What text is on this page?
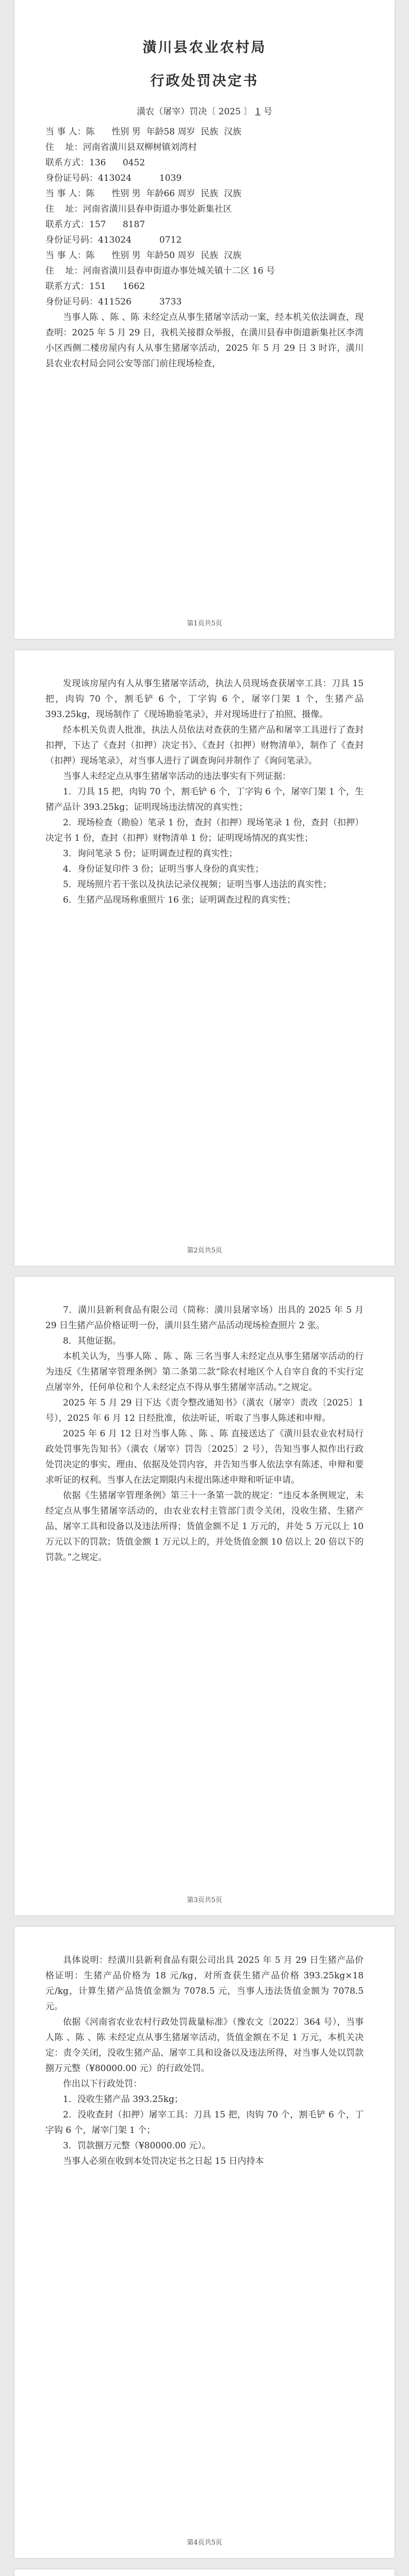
潢川县农业农村局
行政处罚决定书
潢农（屠宰）罚决〔 2025 〕 1 号

当 事 人：陈      性别 男  年龄58 周岁  民族  汉族

住    址：河南省潢川县双柳树镇刘湾村

联系方式：136      0452

身份证号码：413024          1039

当 事 人：陈      性别 男  年龄66 周岁  民族  汉族

住    址：河南省潢川县春申街道办事处新集社区

联系方式：157      8187

身份证号码：413024          0712

当 事 人：陈      性别 男  年龄50 周岁  民族  汉族

住    址：河南省潢川县春申街道办事处城关镇十二区 16 号

联系方式：151      1662

身份证号码：411526          3733

当事人陈 、陈 、陈 未经定点从事生猪屠宰活动一案，经本机关依法调查，现查明：2025 年 5 月 29 日，我机关接群众举报，在潢川县春申街道新集社区李湾小区西侧二楼房屋内有人从事生猪屠宰活动，2025 年 5 月 29 日 3 时许，潢川县农业农村局会同公安等部门前往现场检查，

第1页共5页

发现该房屋内有人从事生猪屠宰活动，执法人员现场查获屠宰工具：刀具 15 把，肉钩 70 个，割毛铲 6 个，丁字钩 6 个，屠宰门架 1 个，生猪产品 393.25kg，现场制作了《现场勘验笔录》，并对现场进行了拍照、摄像。

经本机关负责人批准，执法人员依法对查获的生猪产品和屠宰工具进行了查封扣押，下达了《查封（扣押）决定书》、《查封（扣押）财物清单》，制作了《查封（扣押）现场笔录》，对当事人进行了调查询问并制作了《询问笔录》。

当事人未经定点从事生猪屠宰活动的违法事实有下列证据：

1．刀具 15 把，肉钩 70 个，割毛铲 6 个，丁字钩 6 个，屠宰门架 1 个，生猪产品计 393.25kg；证明现场违法情况的真实性；

2．现场检查（勘验）笔录 1 份，查封（扣押）现场笔录 1 份，查封（扣押）决定书 1 份，查封（扣押）财物清单 1 份；证明现场情况的真实性；

3．询问笔录 5 份；证明调查过程的真实性；

4．身份证复印件 3 份；证明当事人身份的真实性；

5．现场照片若干张以及执法记录仪视频；证明当事人违法的真实性；

6．生猪产品现场称重照片 16 张；证明调查过程的真实性；

第2页共5页

7．潢川县新利食品有限公司（简称：潢川县屠宰场）出具的 2025 年 5 月 29 日生猪产品价格证明一份，潢川县生猪产品活动现场检查照片 2 张。

8．其他证据。

本机关认为，当事人陈 、陈 、陈 三名当事人未经定点从事生猪屠宰活动的行为违反《生猪屠宰管理条例》第二条第二款“除农村地区个人自宰自食的不实行定点屠宰外，任何单位和个人未经定点不得从事生猪屠宰活动。”之规定。

2025 年 5 月 29 日下达《责令整改通知书》（潢农（屠宰）责改〔2025〕1 号），2025 年 6 月 12 日经批准，依法听证，听取了当事人陈述和申辩。

2025 年 6 月 12 日对当事人陈 、陈 、陈 直接送达了《潢川县农业农村局行政处罚事先告知书》（潢农（屠宰）罚告〔2025〕2 号），告知当事人拟作出行政处罚决定的事实、理由、依据及处罚内容，并告知当事人依法享有陈述、申辩和要求听证的权利。当事人在法定期限内未提出陈述申辩和听证申请。

依据《生猪屠宰管理条例》第三十一条第一款的规定：“违反本条例规定，未经定点从事生猪屠宰活动的，由农业农村主管部门责令关闭，没收生猪、生猪产品、屠宰工具和设备以及违法所得；货值金额不足 1 万元的，并处 5 万元以上 10 万元以下的罚款；货值金额 1 万元以上的，并处货值金额 10 倍以上 20 倍以下的罚款。”之规定。

第3页共5页

具体说明：经潢川县新利食品有限公司出具 2025 年 5 月 29 日生猪产品价格证明：生猪产品价格为 18 元/kg，对所查获生猪产品价格 393.25kg×18 元/kg，计算生猪产品货值金额为 7078.5 元，当事人违法货值金额为 7078.5 元。

依据《河南省农业农村行政处罚裁量标准》（豫农文〔2022〕364 号），当事人陈 、陈 、陈 未经定点从事生猪屠宰活动，货值金额在不足 1 万元，本机关决定：责令关闭，没收生猪产品、屠宰工具和设备以及违法所得，对当事人处以罚款捌万元整（¥80000.00 元）的行政处罚。

作出以下行政处罚：

1．没收生猪产品 393.25kg；

2．没收查封（扣押）屠宰工具：刀具 15 把，肉钩 70 个，割毛铲 6 个，丁字钩 6 个，屠宰门架 1 个；

3．罚款捌万元整（¥80000.00 元）。

当事人必须在收到本处罚决定书之日起 15 日内持本

第4页共5页
